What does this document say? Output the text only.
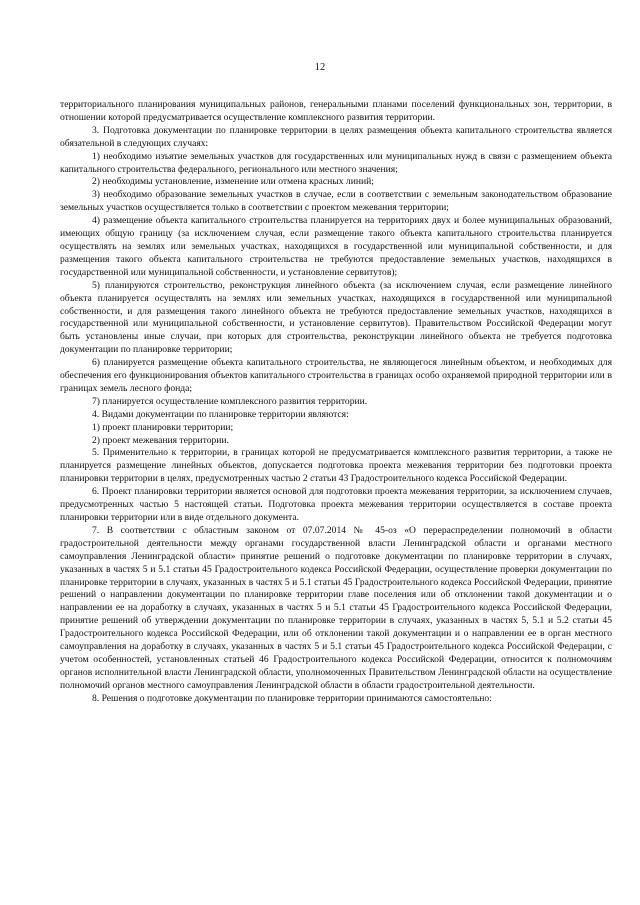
12

территориального планирования муниципальных районов, генеральными планами поселений функциональных зон, территории, в отношении которой предусматривается осуществление комплексного развития территории.

3. Подготовка документации по планировке территории в целях размещения объекта капитального строительства является обязательной в следующих случаях:

1) необходимо изъятие земельных участков для государственных или муниципальных нужд в связи с размещением объекта капитального строительства федерального, регионального или местного значения;

2) необходимы установление, изменение или отмена красных линий;

3) необходимо образование земельных участков в случае, если в соответствии с земельным законодательством образование земельных участков осуществляется только в соответствии с проектом межевания территории;

4) размещение объекта капитального строительства планируется на территориях двух и более муниципальных образований, имеющих общую границу (за исключением случая, если размещение такого объекта капитального строительства планируется осуществлять на землях или земельных участках, находящихся в государственной или муниципальной собственности, и для размещения такого объекта капитального строительства не требуются предоставление земельных участков, находящихся в государственной или муниципальной собственности, и установление сервитутов);

5) планируются строительство, реконструкция линейного объекта (за исключением случая, если размещение линейного объекта планируется осуществлять на землях или земельных участках, находящихся в государственной или муниципальной собственности, и для размещения такого линейного объекта не требуются предоставление земельных участков, находящихся в государственной или муниципальной собственности, и установление сервитутов). Правительством Российской Федерации могут быть установлены иные случаи, при которых для строительства, реконструкции линейного объекта не требуется подготовка документации по планировке территории;

6) планируется размещение объекта капитального строительства, не являющегося линейным объектом, и необходимых для обеспечения его функционирования объектов капитального строительства в границах особо охраняемой природной территории или в границах земель лесного фонда;

7) планируется осуществление комплексного развития территории.

4. Видами документации по планировке территории являются:

1) проект планировки территории;

2) проект межевания территории.

5. Применительно к территории, в границах которой не предусматривается комплексного развития территории, а также не планируется размещение линейных объектов, допускается подготовка проекта межевания территории без подготовки проекта планировки территории в целях, предусмотренных частью 2 статьи 43 Градостроительного кодекса Российской Федерации.

6. Проект планировки территории является основой для подготовки проекта межевания территории, за исключением случаев, предусмотренных частью 5 настоящей статьи. Подготовка проекта межевания территории осуществляется в составе проекта планировки территории или в виде отдельного документа.

7. В соответствии с областным законом от 07.07.2014 № 45-оз «О перераспределении полномочий в области градостроительной деятельности между органами государственной власти Ленинградской области и органами местного самоуправления Ленинградской области» принятие решений о подготовке документации по планировке территории в случаях, указанных в частях 5 и 5.1 статьи 45 Градостроительного кодекса Российской Федерации, осуществление проверки документации по планировке территории в случаях, указанных в частях 5 и 5.1 статьи 45 Градостроительного кодекса Российской Федерации, принятие решений о направлении документации по планировке территории главе поселения или об отклонении такой документации и о направлении ее на доработку в случаях, указанных в частях 5 и 5.1 статьи 45 Градостроительного кодекса Российской Федерации, принятие решений об утверждении документации по планировке территории в случаях, указанных в частях 5, 5.1 и 5.2 статьи 45 Градостроительного кодекса Российской Федерации, или об отклонении такой документации и о направлении ее в орган местного самоуправления на доработку в случаях, указанных в частях 5 и 5.1 статьи 45 Градостроительного кодекса Российской Федерации, с учетом особенностей, установленных статьей 46 Градостроительного кодекса Российской Федерации, относится к полномочиям органов исполнительной власти Ленинградской области, уполномоченных Правительством Ленинградской области на осуществление полномочий органов местного самоуправления Ленинградской области в области градостроительной деятельности.

8. Решения о подготовке документации по планировке территории принимаются самостоятельно:
